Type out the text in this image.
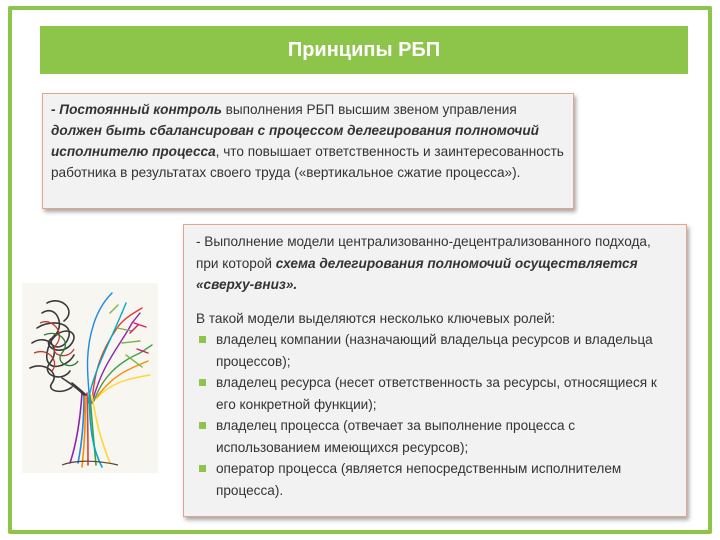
Принципы РБП
- Постоянный контроль выполнения РБП высшим звеном управления должен быть сбалансирован с процессом делегирования полномочий исполнителю процесса, что повышает ответственность и заинтересованность работника в результатах своего труда («вертикальное сжатие процесса»).
- Выполнение модели централизованно-децентрализованного подхода, при которой схема делегирования полномочий осуществляется «сверху-вниз».
В такой модели выделяются несколько ключевых ролей:
владелец компании (назначающий владельца ресурсов и владельца процессов);
владелец ресурса (несет ответственность за ресурсы, относящиеся к его конкретной функции);
владелец процесса (отвечает за выполнение процесса с использованием имеющихся ресурсов);
оператор процесса (является непосредственным исполнителем процесса).
